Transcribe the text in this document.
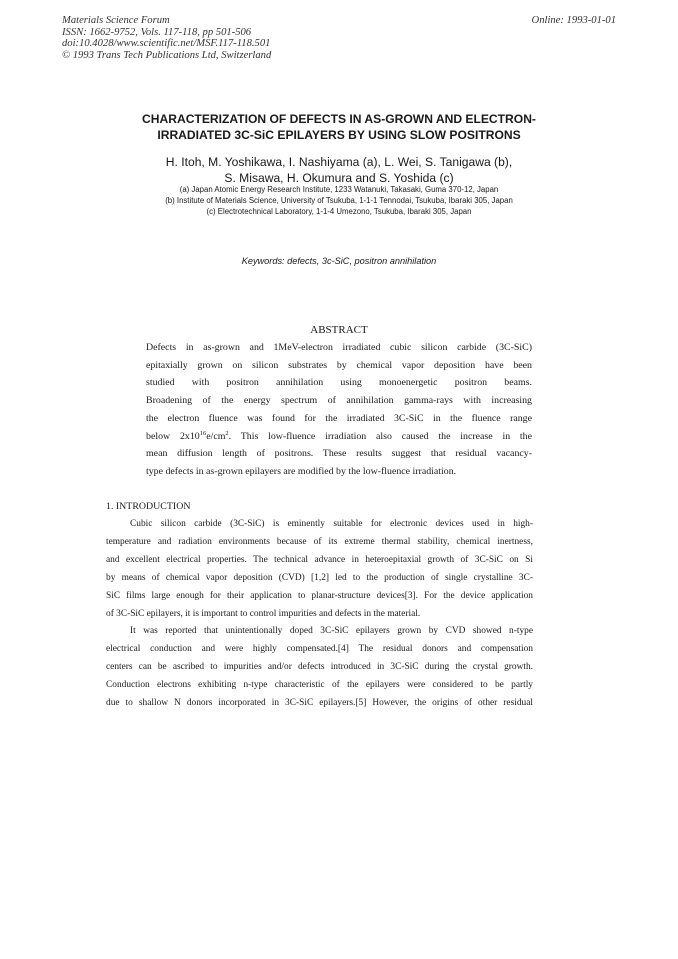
Materials Science Forum
ISSN: 1662-9752, Vols. 117-118, pp 501-506
doi:10.4028/www.scientific.net/MSF.117-118.501
© 1993 Trans Tech Publications Ltd, Switzerland
Online: 1993-01-01
CHARACTERIZATION OF DEFECTS IN AS-GROWN AND ELECTRON-
IRRADIATED 3C-SiC EPILAYERS BY USING SLOW POSITRONS
H. Itoh, M. Yoshikawa, I. Nashiyama (a), L. Wei, S. Tanigawa (b),
S. Misawa, H. Okumura and S. Yoshida (c)
(a) Japan Atomic Energy Research Institute, 1233 Watanuki, Takasaki, Guma 370-12, Japan
(b) Institute of Materials Science, University of Tsukuba, 1-1-1 Tennodai, Tsukuba, Ibaraki 305, Japan
(c) Electrotechnical Laboratory, 1-1-4 Umezono, Tsukuba, Ibaraki 305, Japan
Keywords: defects, 3c-SiC, positron annihilation
ABSTRACT
Defects in as-grown and 1MeV-electron irradiated cubic silicon carbide (3C-SiC)
epitaxially grown on silicon substrates by chemical vapor deposition have been
studied with positron annihilation using monoenergetic positron beams.
Broadening of the energy spectrum of annihilation gamma-rays with increasing
the electron fluence was found for the irradiated 3C-SiC in the fluence range
below $2x10^{16}e/cm^2$. This low-fluence irradiation also caused the increase in the
mean diffusion length of positrons. These results suggest that residual vacancy-
type defects in as-grown epilayers are modified by the low-fluence irradiation.
1. INTRODUCTION
Cubic silicon carbide (3C-SiC) is eminently suitable for electronic devices used in high-
temperature and radiation environments because of its extreme thermal stability, chemical inertness,
and excellent electrical properties. The technical advance in heteroepitaxial growth of 3C-SiC on Si
by means of chemical vapor deposition (CVD) [1,2] led to the production of single crystalline 3C-
SiC films large enough for their application to planar-structure devices[3]. For the device application
of 3C-SiC epilayers, it is important to control impurities and defects in the material.
It was reported that unintentionally doped 3C-SiC epilayers grown by CVD showed n-type
electrical conduction and were highly compensated.[4] The residual donors and compensation
centers can be ascribed to impurities and/or defects introduced in 3C-SiC during the crystal growth.
Conduction electrons exhibiting n-type characteristic of the epilayers were considered to be partly
due to shallow N donors incorporated in 3C-SiC epilayers.[5] However, the origins of other residual
